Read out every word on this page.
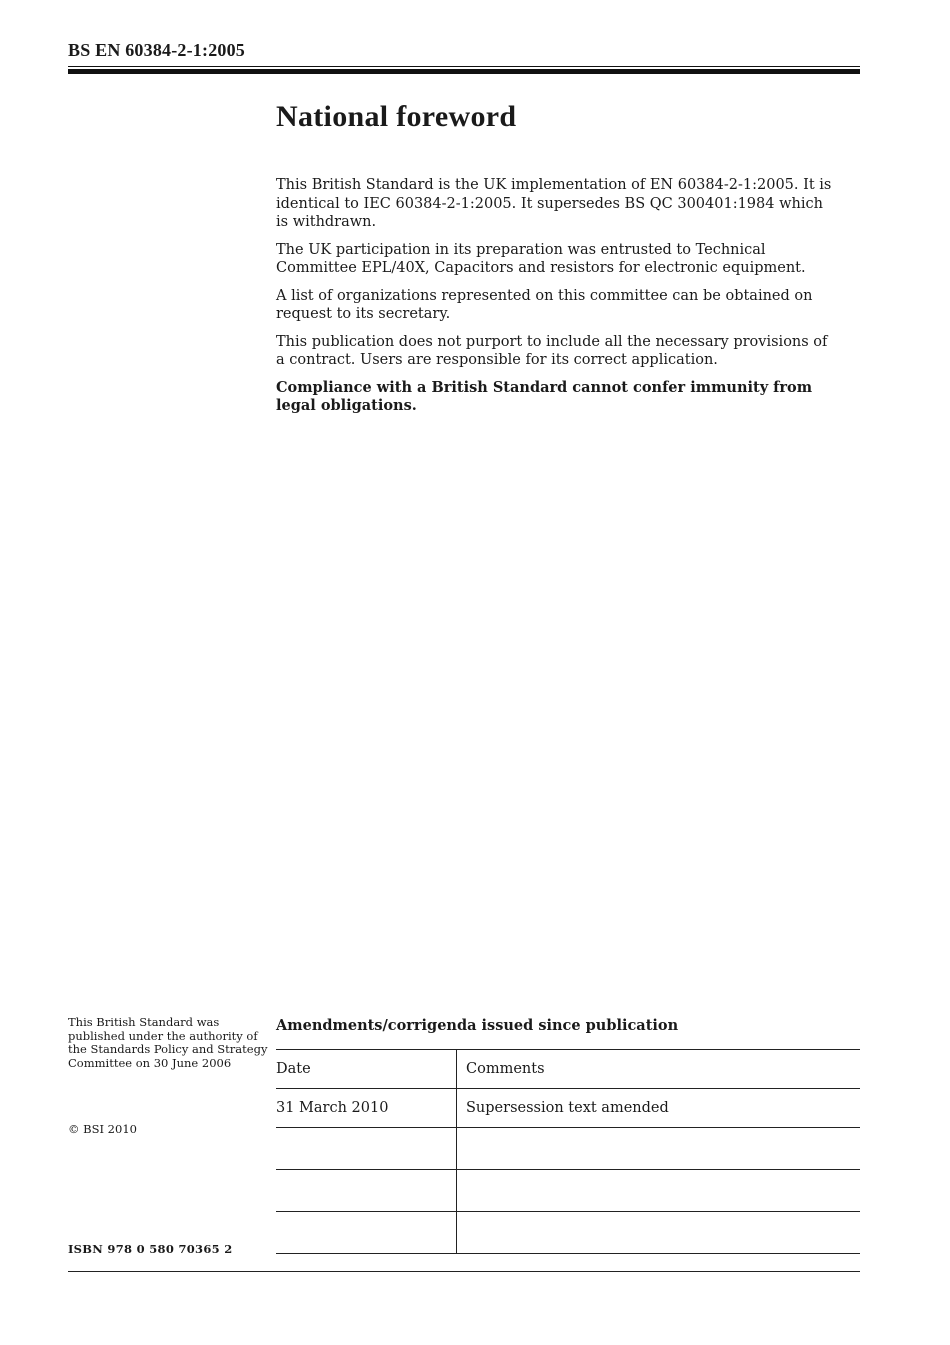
BS EN 60384-2-1:2005
National foreword

This British Standard is the UK implementation of EN 60384-2-1:2005. It is identical to IEC 60384-2-1:2005. It supersedes BS QC 300401:1984 which is withdrawn.

The UK participation in its preparation was entrusted to Technical Committee EPL/40X, Capacitors and resistors for electronic equipment.

A list of organizations represented on this committee can be obtained on request to its secretary.

This publication does not purport to include all the necessary provisions of a contract. Users are responsible for its correct application.

Compliance with a British Standard cannot confer immunity from legal obligations.

This British Standard was published under the authority of the Standards Policy and Strategy Committee on 30 June 2006
© BSI 2010
ISBN 978 0 580 70365 2
Amendments/corrigenda issued since publication
Date	Comments
31 March 2010	Supersession text amended
